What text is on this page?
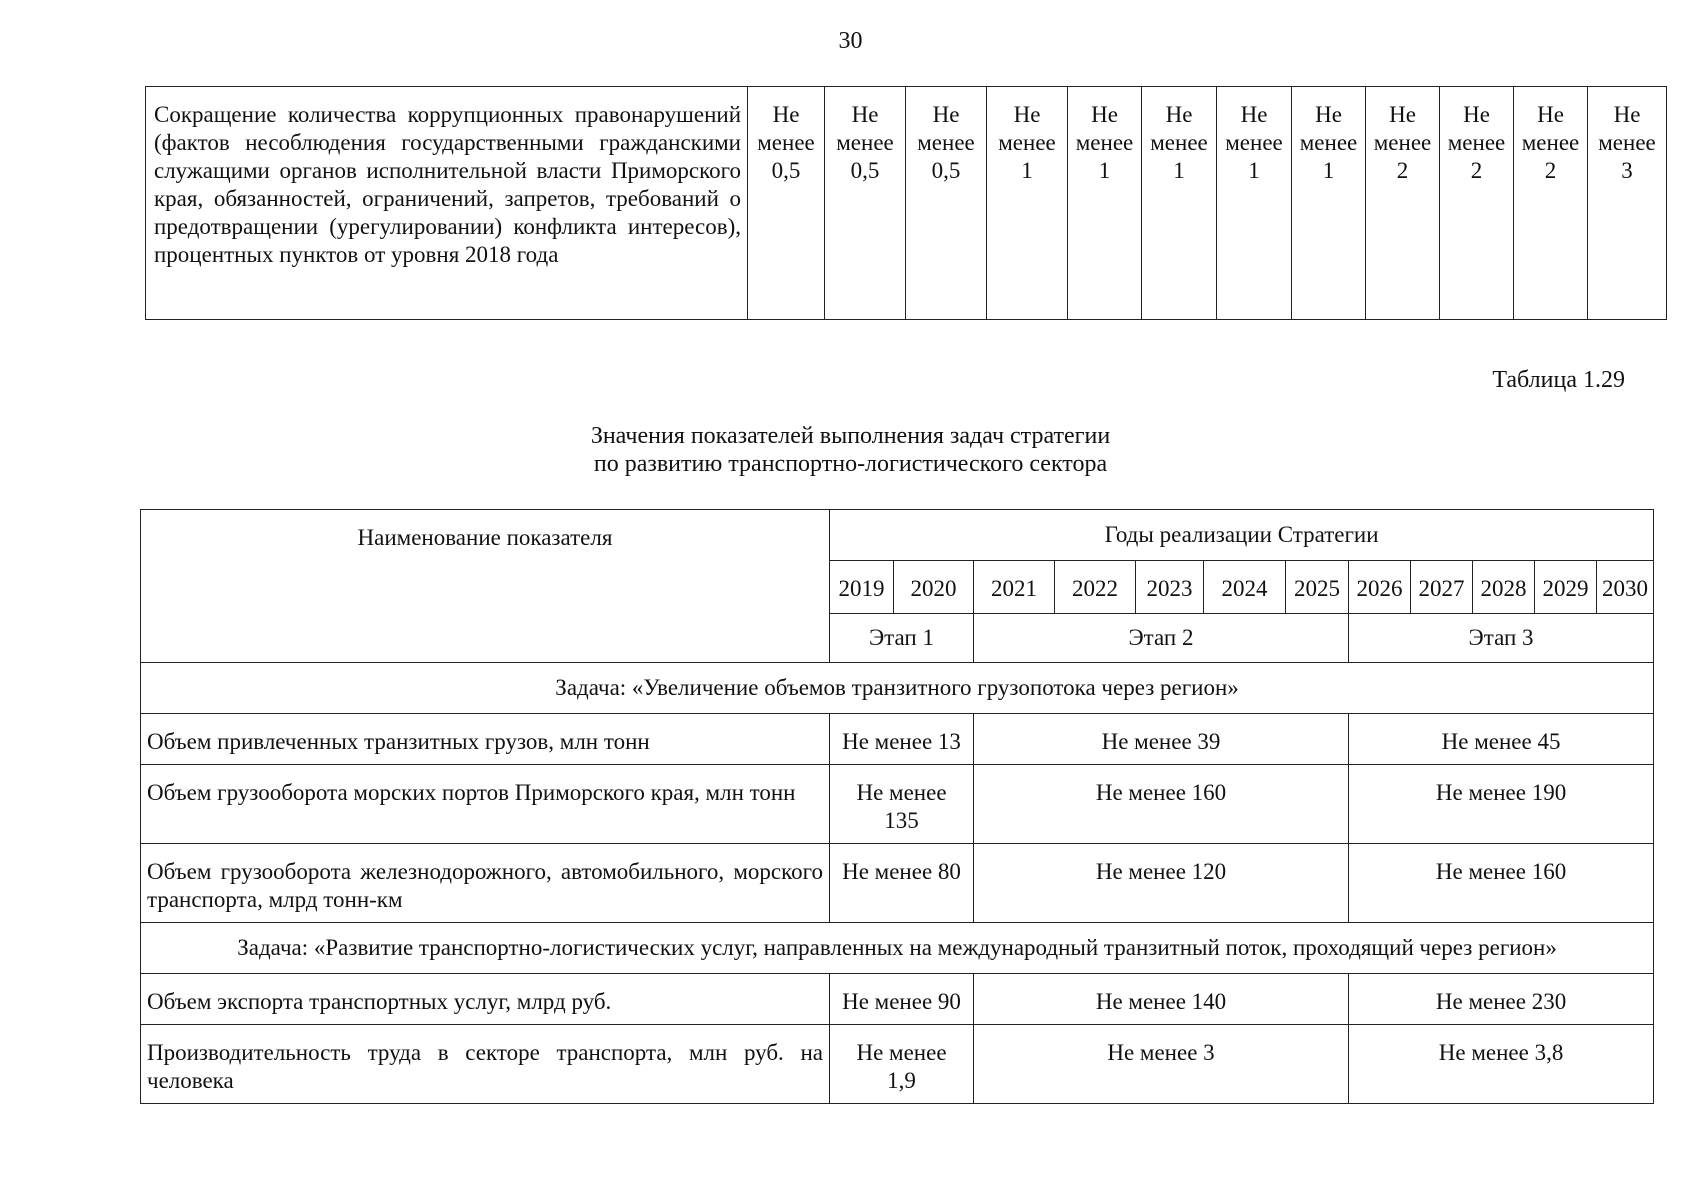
30
Сокращение количества коррупционных правонарушений (фактов несоблюдения государственными гражданскими служащими органов исполнительной власти Приморского края, обязанностей, ограничений, запретов, требований о предотвращении (урегулировании) конфликта интересов), процентных пунктов от уровня 2018 года	
Не
менее
0,5

Не
менее
0,5

Не
менее
0,5

Не
менее
1

Не
менее
1

Не
менее
1

Не
менее
1

Не
менее
1

Не
менее
2

Не
менее
2

Не
менее
2

Не
менее
3
Таблица 1.29
Значения показателей выполнения задач стратегии
по развитию транспортно-логистического сектора
Наименование показателя	Годы реализации Стратегии											
	2019	2020	2021	2022	2023	2024	2025	2026	2027	2028	2029	2030
	Этап 1		Этап 2					Этап 3				
Задача: «Увеличение объемов транзитного грузопотока через регион»												
Объем привлеченных транзитных грузов, млн тонн	Не менее 13		Не менее 39					Не менее 45				
Объем грузооборота морских портов Приморского края, млн тонн	Не менее 135		Не менее 160					Не менее 190				
Объем грузооборота железнодорожного, автомобильного, морского транспорта, млрд тонн-км	Не менее 80		Не менее 120					Не менее 160				
Задача: «Развитие транспортно-логистических услуг, направленных на международный транзитный поток, проходящий через регион»												
Объем экспорта транспортных услуг, млрд руб.	Не менее 90		Не менее 140					Не менее 230				
Производительность труда в секторе транспорта, млн руб. на человека	Не менее 1,9		Не менее 3					Не менее 3,8				
